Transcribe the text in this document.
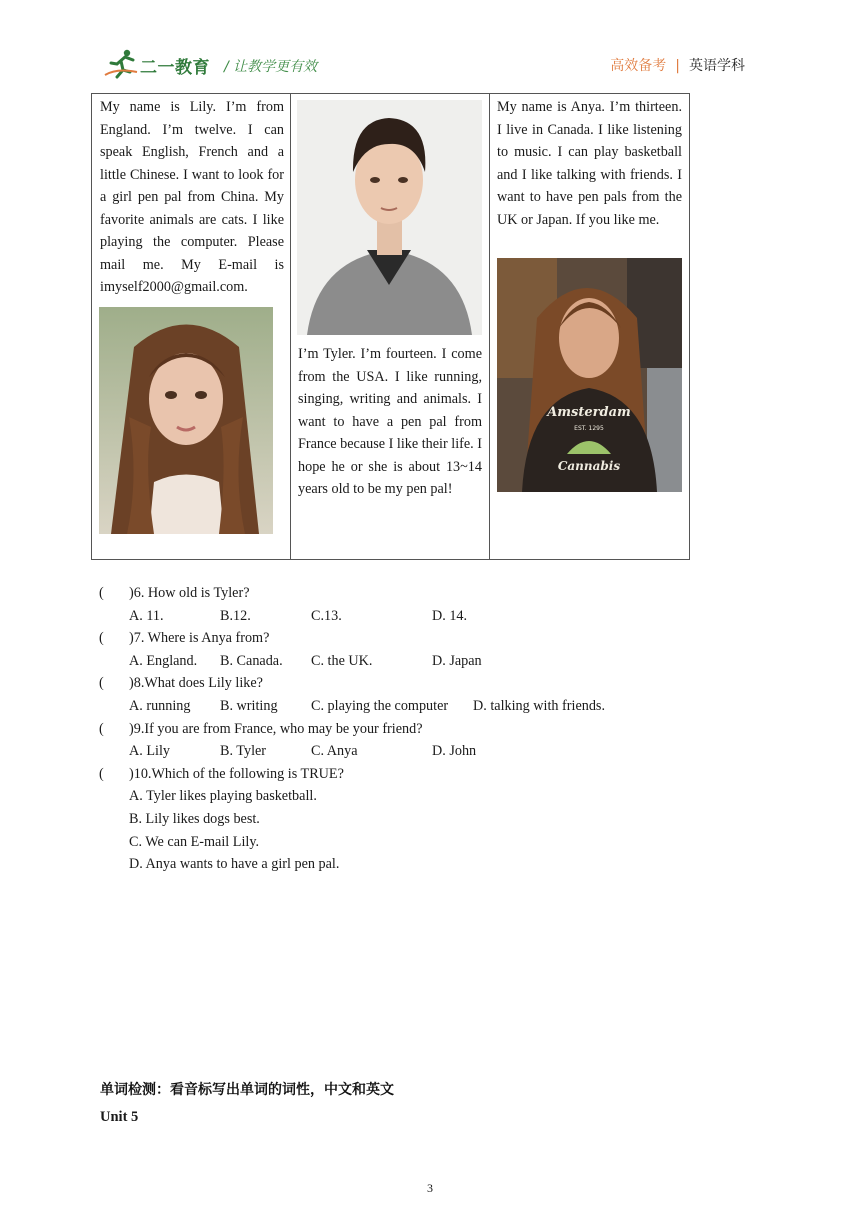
二一教育 / 让教学更有效	高效备考 | 英语学科

My name is Lily. I’m from England. I’m twelve. I can speak English, French and a little Chinese. I want to look for a girl pen pal from China. My favorite animals are cats. I like playing the computer. Please mail me. My E-mail is imyself2000@gmail.com.

I’m Tyler. I’m fourteen. I come from the USA. I like running, singing, writing and animals. I want to have a pen pal from France because I like their life. I hope he or she is about 13~14 years old to be my pen pal!

My name is Anya. I’m thirteen. I live in Canada. I like listening to music. I can play basketball and I like talking with friends. I want to have pen pals from the UK or Japan. If you like me.

Amsterdam
EST. 1295
Cannabis
( )6. How old is Tyler?
A. 11.	B.12.	C.13.	D. 14.
( )7. Where is Anya from?
A. England. B. Canada. C. the UK.	D. Japan
( )8.What does Lily like?
A. running B. writing C. playing the computer D. talking with friends.
( )9.If you are from France, who may be your friend?
A. Lily	B. Tyler	C. Anya	D. John
( )10.Which of the following is TRUE?
A. Tyler likes playing basketball.
B. Lily likes dogs best.
C. We can E-mail Lily.
D. Anya wants to have a girl pen pal.
单词检测：看音标写出单词的词性，中文和英文
Unit 5
3
